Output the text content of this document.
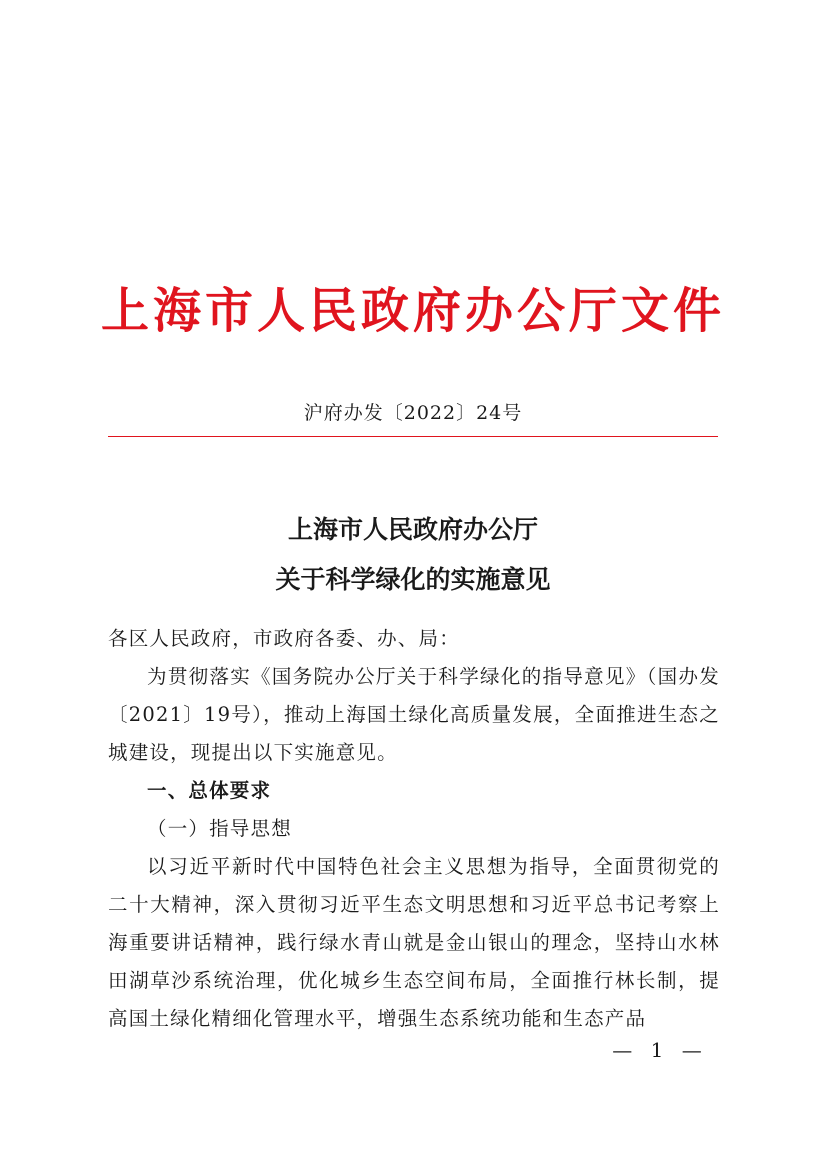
上海市人民政府办公厅文件
沪府办发〔2022〕24号
上海市人民政府办公厅
关于科学绿化的实施意见

各区人民政府，市政府各委、办、局：

为贯彻落实《国务院办公厅关于科学绿化的指导意见》（国办发〔2021〕19号），推动上海国土绿化高质量发展，全面推进生态之城建设，现提出以下实施意见。

一、总体要求

（一）指导思想

以习近平新时代中国特色社会主义思想为指导，全面贯彻党的二十大精神，深入贯彻习近平生态文明思想和习近平总书记考察上海重要讲话精神，践行绿水青山就是金山银山的理念，坚持山水林田湖草沙系统治理，优化城乡生态空间布局，全面推行林长制，提高国土绿化精细化管理水平，增强生态系统功能和生态产品

— 1 —
